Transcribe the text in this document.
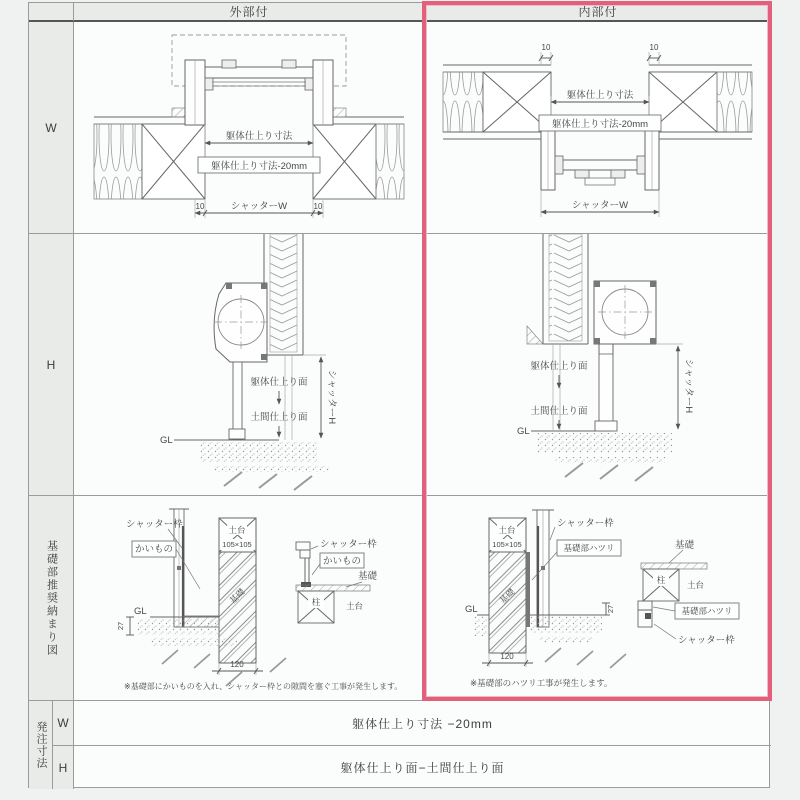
外部付	内部付
W
躯体仕上り寸法
躯体仕上り寸法-20mm
10	10
シャッターW
10	10
躯体仕上り寸法
躯体仕上り寸法-20mm
シャッターW
H
GL
躯体仕上り面
土間仕上り面 シャッターH
GL
躯体仕上り面
土間仕上り面	シャッターH
基礎部推奨納まり図
土台
105×105
基礎
シャッター枠
かいもの
GL
27
120
シャッター枠
かいもの
基礎
柱	土台
※基礎部にかいものを入れ、シャッター枠との隙間を塞ぐ工事が発生します。
土台
105×105
基礎
シャッター枠
基礎部ハツリ
GL	27
120
基礎
柱	土台
基礎部ハツリ
シャッター枠
※基礎部のハツリ工事が発生します。
発注寸法 W	躯体仕上り寸法 −20mm
H	躯体仕上り面−土間仕上り面
